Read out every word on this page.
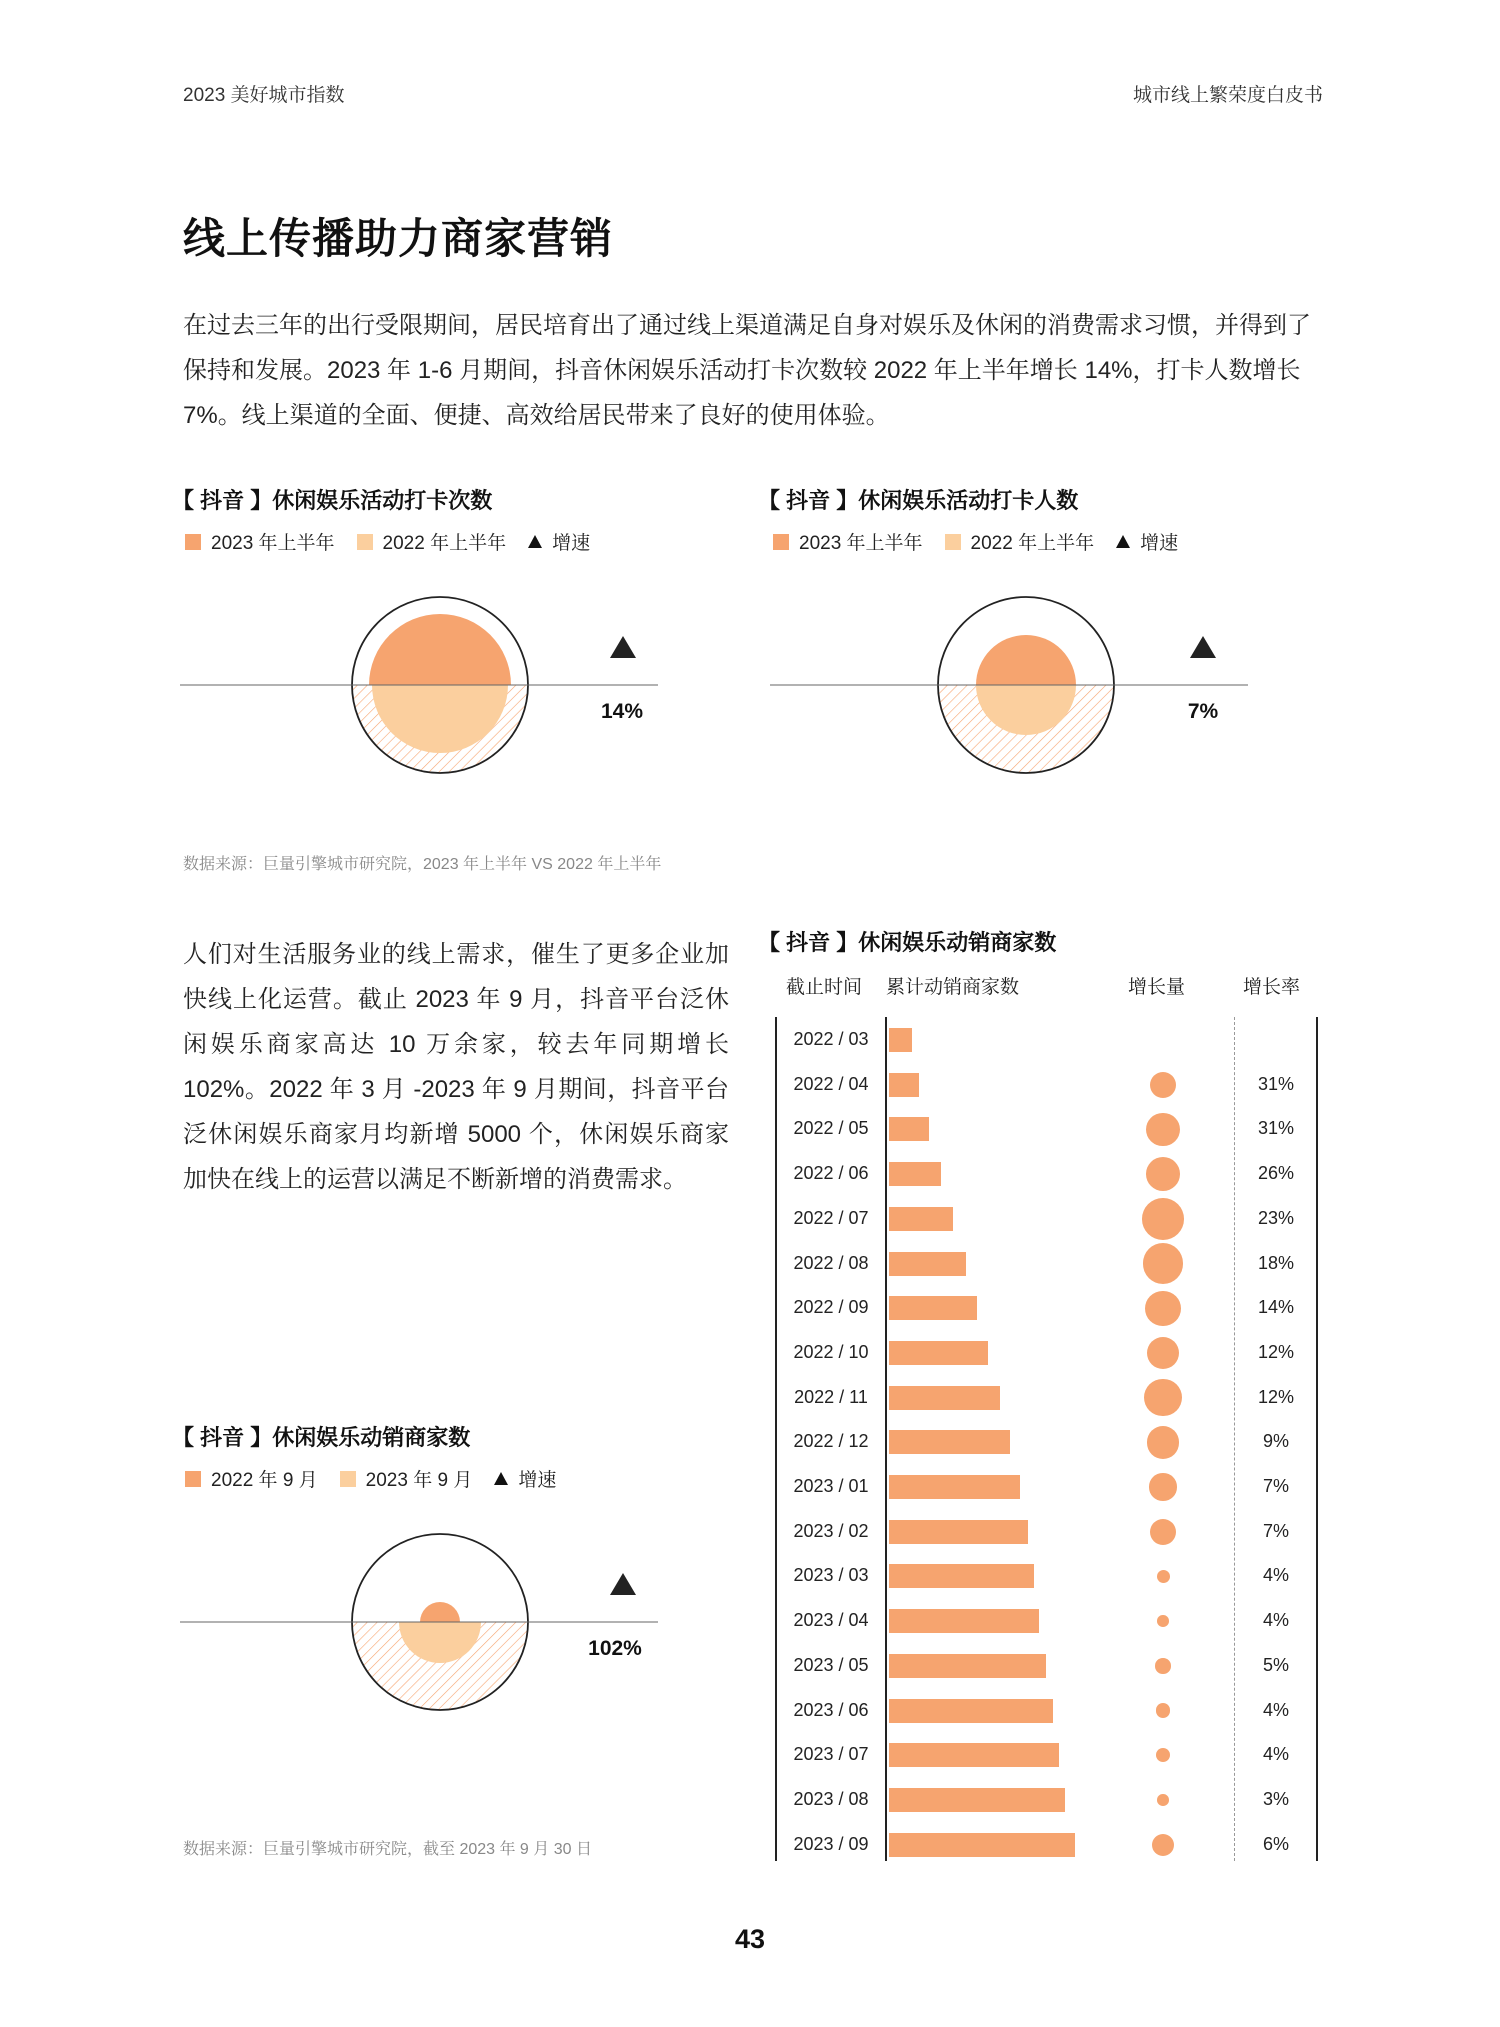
2023 美好城市指数	城市线上繁荣度白皮书
线上传播助力商家营销
在过去三年的出行受限期间，居民培育出了通过线上渠道满足自身对娱乐及休闲的消费需求习惯，并得到了保持和发展。2023 年 1-6 月期间，抖音休闲娱乐活动打卡次数较 2022 年上半年增长 14%，打卡人数增长 7%。线上渠道的全面、便捷、高效给居民带来了良好的使用体验。
【 抖音 】休闲娱乐活动打卡次数
2023 年上半年	2022 年上半年 增速
14%
【 抖音 】休闲娱乐活动打卡人数
2023 年上半年	2022 年上半年 增速
7%
数据来源：巨量引擎城市研究院，2023 年上半年 VS 2022 年上半年
人们对生活服务业的线上需求，催生了更多企业加快线上化运营。截止 2023 年 9 月，抖音平台泛休闲娱乐商家高达 10 万余家，较去年同期增长 102%。2022 年 3 月 -2023 年 9 月期间，抖音平台泛休闲娱乐商家月均新增 5000 个，休闲娱乐商家加快在线上的运营以满足不断新增的消费需求。
【 抖音 】休闲娱乐动销商家数
2022 年 9 月	2023 年 9 月 增速
102%
数据来源：巨量引擎城市研究院，截至 2023 年 9 月 30 日
【 抖音 】休闲娱乐动销商家数
截止时间 累计动销商家数	增长量	增长率
2022 / 03
2022 / 04	31%
2022 / 05	31%
2022 / 06	26%
2022 / 07	23%
2022 / 08	18%
2022 / 09	14%
2022 / 10	12%
2022 / 11	12%
2022 / 12	9%
2023 / 01	7%
2023 / 02	7%
2023 / 03	4%
2023 / 04	4%
2023 / 05	5%
2023 / 06	4%
2023 / 07	4%
2023 / 08	3%
2023 / 09	6%
43
